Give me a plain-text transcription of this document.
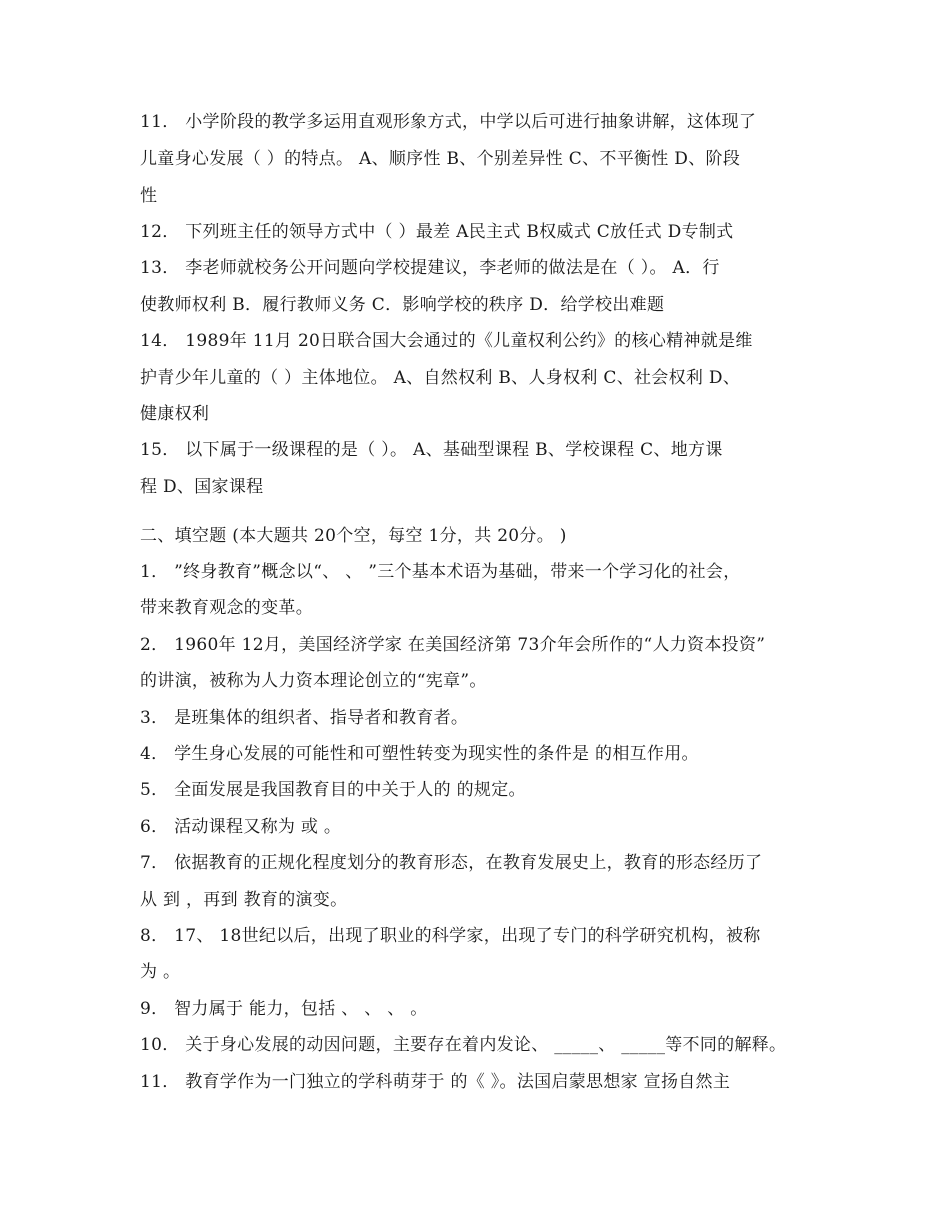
11． 小学阶段的教学多运用直观形象方式，中学以后可进行抽象讲解，这体现了
儿童身心发展（ ）的特点。 A、顺序性 B、个别差异性 C、不平衡性 D、阶段
性
12． 下列班主任的领导方式中（ ）最差 A民主式 B权威式 C放任式 D专制式
13． 李老师就校务公开问题向学校提建议，李老师的做法是在（ ）。 A．行
使教师权利 B．履行教师义务 C．影响学校的秩序 D．给学校出难题
14． 1989年 11月 20日联合国大会通过的《儿童权利公约》的核心精神就是维
护青少年儿童的（ ）主体地位。 A、自然权利 B、人身权利 C、社会权利 D、
健康权利
15． 以下属于一级课程的是（ ）。 A、基础型课程 B、学校课程 C、地方课
程 D、国家课程
二、填空题 (本大题共 20个空，每空 1分，共 20分。 )
1． ”终身教育”概念以“、 、 ”三个基本术语为基础，带来一个学习化的社会，
带来教育观念的变革。
2． 1960年 12月，美国经济学家 在美国经济第 73介年会所作的“人力资本投资”
的讲演，被称为人力资本理论创立的“宪章”。
3． 是班集体的组织者、指导者和教育者。
4． 学生身心发展的可能性和可塑性转变为现实性的条件是 的相互作用。
5． 全面发展是我国教育目的中关于人的 的规定。
6． 活动课程又称为 或 。
7． 依据教育的正规化程度划分的教育形态，在教育发展史上，教育的形态经历了
从 到 ，再到 教育的演变。
8． 17、 18世纪以后，出现了职业的科学家，出现了专门的科学研究机构，被称
为 。
9． 智力属于 能力，包括 、 、 、 。
10． 关于身心发展的动因问题，主要存在着内发论、 _____、 _____等不同的解释。
11． 教育学作为一门独立的学科萌芽于 的《 》。法国启蒙思想家 宣扬自然主
